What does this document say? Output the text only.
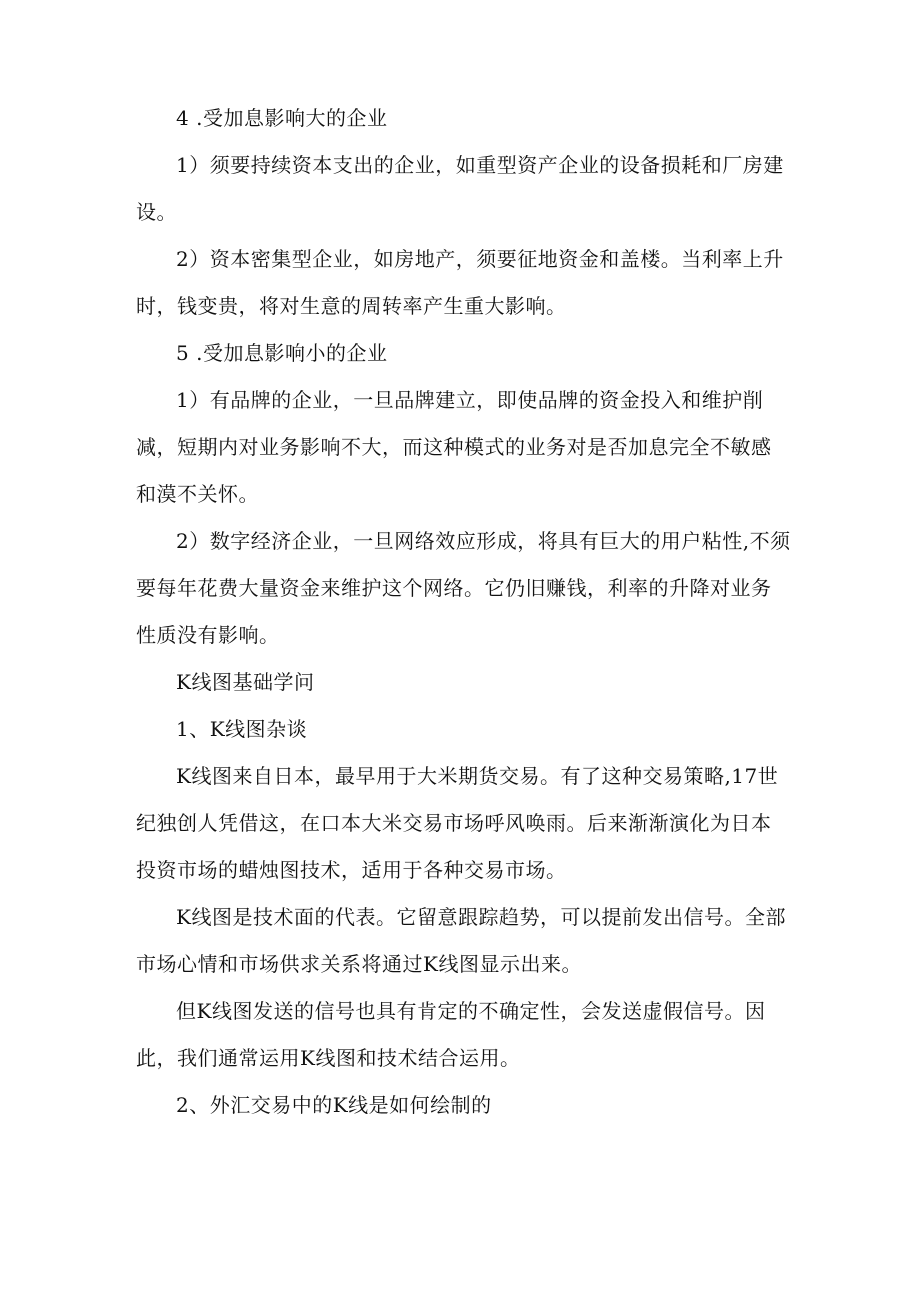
4 .受加息影响大的企业

1）须要持续资本支出的企业，如重型资产企业的设备损耗和厂房建设。

2）资本密集型企业，如房地产，须要征地资金和盖楼。当利率上升时，钱变贵，将对生意的周转率产生重大影响。

5 .受加息影响小的企业

1）有品牌的企业，一旦品牌建立，即使品牌的资金投入和维护削减，短期内对业务影响不大，而这种模式的业务对是否加息完全不敏感和漠不关怀。

2）数字经济企业，一旦网络效应形成，将具有巨大的用户粘性,不须要每年花费大量资金来维护这个网络。它仍旧赚钱，利率的升降对业务性质没有影响。

K线图基础学问

1、K线图杂谈

K线图来自日本，最早用于大米期货交易。有了这种交易策略,17世纪独创人凭借这，在口本大米交易市场呼风唤雨。后来渐渐演化为日本投资市场的蜡烛图技术，适用于各种交易市场。

K线图是技术面的代表。它留意跟踪趋势，可以提前发出信号。全部市场心情和市场供求关系将通过K线图显示出来。

但K线图发送的信号也具有肯定的不确定性，会发送虚假信号。因此，我们通常运用K线图和技术结合运用。

2、外汇交易中的K线是如何绘制的
